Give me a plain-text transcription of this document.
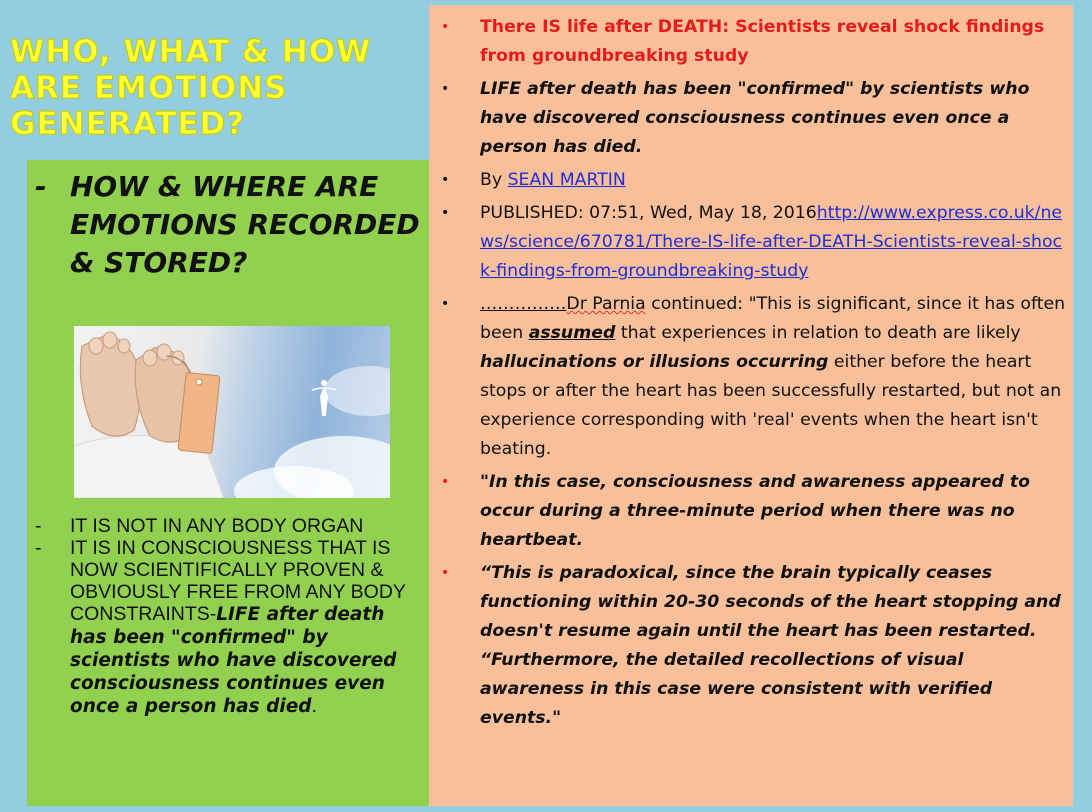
WHO, WHAT & HOW ARE EMOTIONS GENERATED?
- HOW & WHERE ARE EMOTIONS RECORDED & STORED?
- IT IS NOT IN ANY BODY ORGAN
- IT IS IN CONSCIOUSNESS THAT IS NOW SCIENTIFICALLY PROVEN & OBVIOUSLY FREE FROM ANY BODY CONSTRAINTS-LIFE after death has been "confirmed" by scientists who have discovered consciousness continues even once a person has died.
• There IS life after DEATH: Scientists reveal shock findings from groundbreaking study
• LIFE after death has been "confirmed" by scientists who have discovered consciousness continues even once a person has died.
• By SEAN MARTIN
• PUBLISHED: 07:51, Wed, May 18, 2016http://www.express.co.uk/news/science/670781/There-IS-life-after-DEATH-Scientists-reveal-shock-findings-from-groundbreaking-study
• ……………Dr Parnia continued: "This is significant, since it has often been assumed that experiences in relation to death are likely hallucinations or illusions occurring either before the heart stops or after the heart has been successfully restarted, but not an experience corresponding with 'real' events when the heart isn't beating.
• "In this case, consciousness and awareness appeared to occur during a three-minute period when there was no heartbeat.
• “This is paradoxical, since the brain typically ceases functioning within 20-30 seconds of the heart stopping and doesn't resume again until the heart has been restarted. “Furthermore, the detailed recollections of visual awareness in this case were consistent with verified events."
